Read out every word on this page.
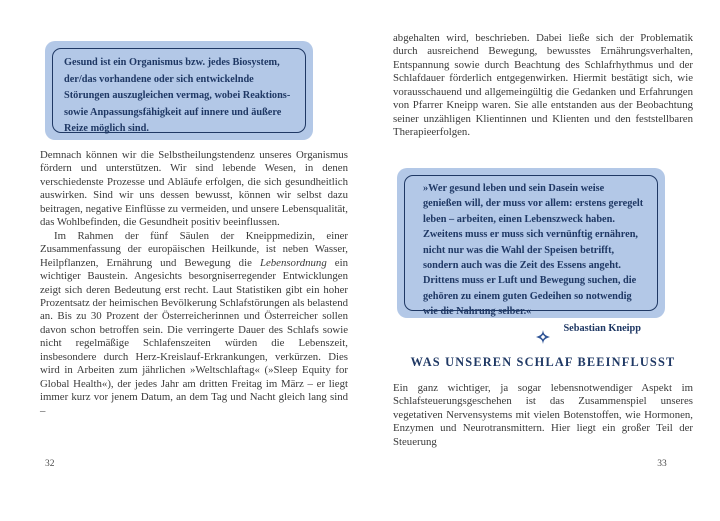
Gesund ist ein Organismus bzw. jedes Biosystem, der/das vorhandene oder sich entwickelnde Störungen auszugleichen vermag, wobei Reaktions- sowie Anpassungsfähigkeit auf innere und äußere Reize möglich sind.

Demnach können wir die Selbstheilungstendenz unseres Organismus fördern und unterstützen. Wir sind lebende Wesen, in denen verschiedenste Prozesse und Abläufe erfolgen, die sich gesundheitlich auswirken. Sind wir uns dessen bewusst, können wir selbst dazu beitragen, negative Einflüsse zu vermeiden, und unsere Lebensqualität, das Wohlbefinden, die Gesundheit positiv beeinflussen.

Im Rahmen der fünf Säulen der Kneippmedizin, einer Zusammenfassung der europäischen Heilkunde, ist neben Wasser, Heilpflanzen, Ernährung und Bewegung die Lebensordnung ein wichtiger Baustein. Angesichts besorgniserregender Entwicklungen zeigt sich deren Bedeutung erst recht. Laut Statistiken gibt ein hoher Prozentsatz der heimischen Bevölkerung Schlafstörungen als belastend an. Bis zu 30 Prozent der Österreicherinnen und Österreicher sollen davon schon betroffen sein. Die verringerte Dauer des Schlafs sowie nicht regelmäßige Schlafenszeiten würden die Lebenszeit, insbesondere durch Herz-Kreislauf-Erkrankungen, verkürzen. Dies wird in Arbeiten zum jährlichen »Weltschlaftag« (»Sleep Equity for Global Health«), der jedes Jahr am dritten Freitag im März – er liegt immer kurz vor jenem Datum, an dem Tag und Nacht gleich lang sind –

32

abgehalten wird, beschrieben. Dabei ließe sich der Problematik durch ausreichend Bewegung, bewusstes Ernährungsverhalten, Entspannung sowie durch Beachtung des Schlafrhythmus und der Schlafdauer förderlich entgegenwirken. Hiermit bestätigt sich, wie vorausschauend und allgemeingültig die Gedanken und Erfahrungen von Pfarrer Kneipp waren. Sie alle entstanden aus der Beobachtung seiner unzähligen Klientinnen und Klienten und den feststellbaren Therapieerfolgen.

»Wer gesund leben und sein Dasein weise genießen will, der muss vor allem: erstens geregelt leben – arbeiten, einen Lebenszweck haben. Zweitens muss er muss sich vernünftig ernähren, nicht nur was die Wahl der Speisen betrifft, sondern auch was die Zeit des Essens angeht. Drittens muss er Luft und Bewegung suchen, die gehören zu einem guten Gedeihen so notwendig wie die Nahrung selber.«
Sebastian Kneipp
WAS UNSEREN SCHLAF BEEINFLUSST

Ein ganz wichtiger, ja sogar lebensnotwendiger Aspekt im Schlafsteuerungsgeschehen ist das Zusammenspiel unseres vegetativen Nervensystems mit vielen Botenstoffen, wie Hormonen, Enzymen und Neurotransmittern. Hier liegt ein großer Teil der Steuerung

33
